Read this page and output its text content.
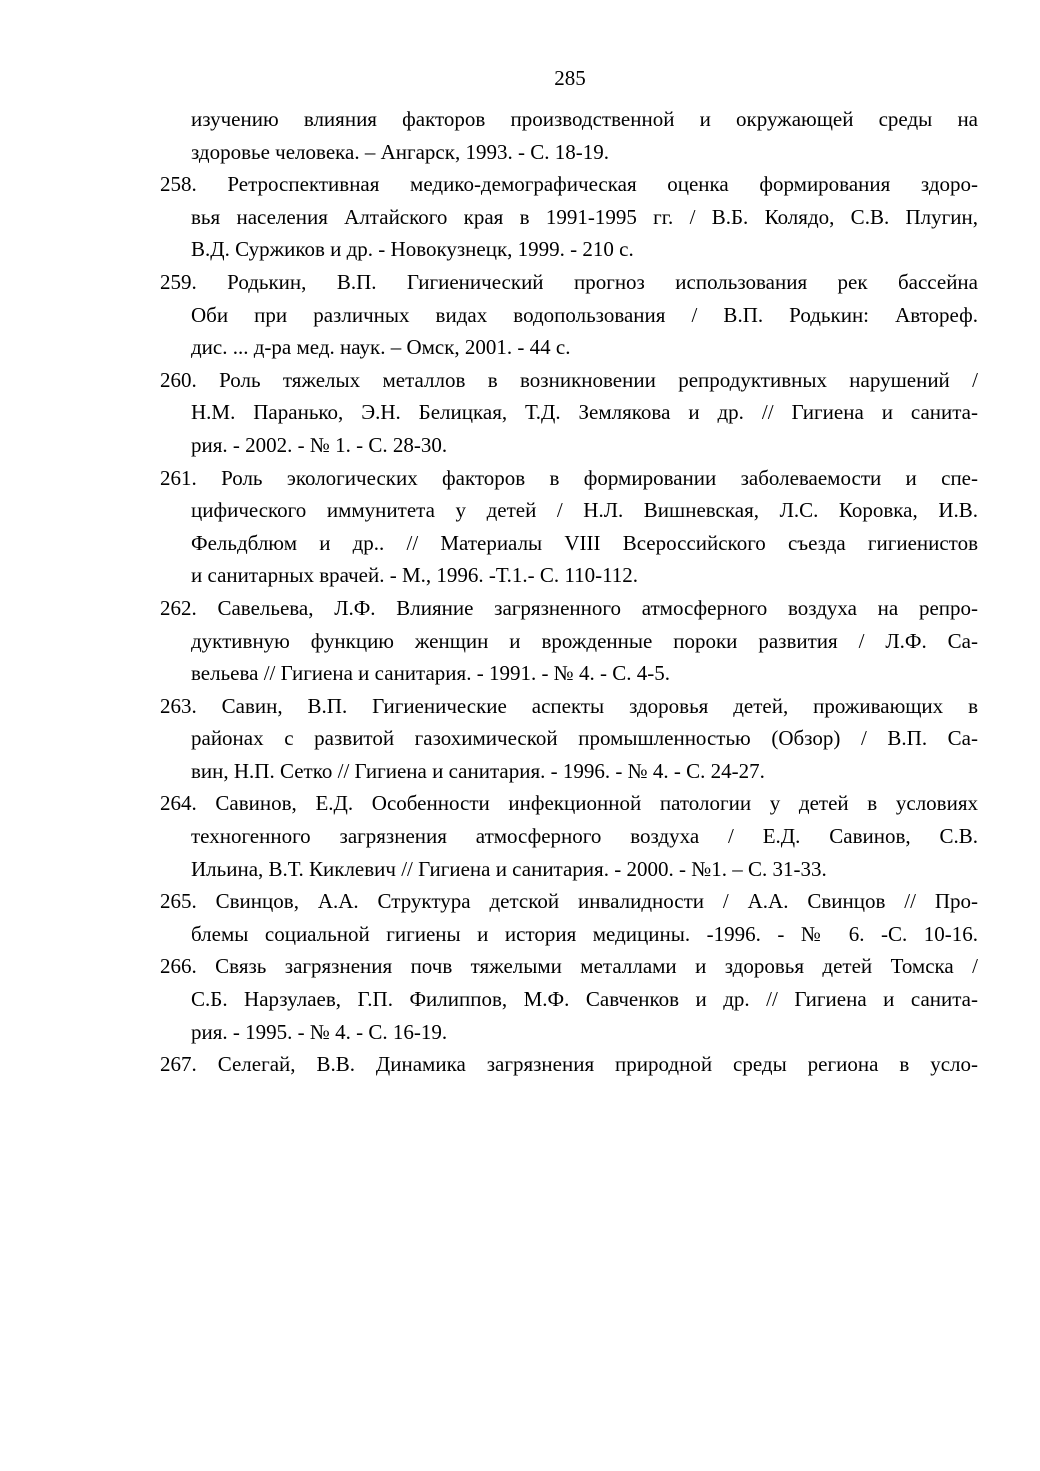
285
изучению влияния факторов производственной и окружающей среды на
здоровье человека. – Ангарск, 1993. - С. 18-19.
258. Ретроспективная медико-демографическая оценка формирования здоро-
вья населения Алтайского края в 1991-1995 гг. / В.Б. Колядо, С.В. Плугин,
В.Д. Суржиков и др. - Новокузнецк, 1999. - 210 с.
259. Родькин, В.П. Гигиенический прогноз использования рек бассейна
Оби при различных видах водопользования / В.П. Родькин: Автореф.
дис. ... д-ра мед. наук. – Омск, 2001. - 44 с.
260. Роль тяжелых металлов в возникновении репродуктивных нарушений /
Н.М. Паранько, Э.Н. Белицкая, Т.Д. Землякова и др. // Гигиена и санита-
рия. - 2002. - № 1. - С. 28-30.
261. Роль экологических факторов в формировании заболеваемости и спе-
цифического иммунитета у детей / Н.Л. Вишневская, Л.С. Коровка, И.В.
Фельдблюм и др.. // Материалы VIII Всероссийского съезда гигиенистов
и санитарных врачей. - М., 1996. -Т.1.- С. 110-112.
262. Савельева, Л.Ф. Влияние загрязненного атмосферного воздуха на репро-
дуктивную функцию женщин и врожденные пороки развития / Л.Ф. Са-
вельева // Гигиена и санитария. - 1991. - № 4. - С. 4-5.
263. Савин, В.П. Гигиенические аспекты здоровья детей, проживающих в
районах с развитой газохимической промышленностью (Обзор) / В.П. Са-
вин, Н.П. Сетко // Гигиена и санитария. - 1996. - № 4. - С. 24-27.
264. Савинов, Е.Д. Особенности инфекционной патологии у детей в условиях
техногенного загрязнения атмосферного воздуха / Е.Д. Савинов, С.В.
Ильина, В.Т. Киклевич // Гигиена и санитария. - 2000. - №1. – С. 31-33.
265. Свинцов, А.А. Структура детской инвалидности / А.А. Свинцов // Про-
блемы социальной гигиены и история медицины. -1996. - № 6. -С. 10-16.
266. Связь загрязнения почв тяжелыми металлами и здоровья детей Томска /
С.Б. Нарзулаев, Г.П. Филиппов, М.Ф. Савченков и др. // Гигиена и санита-
рия. - 1995. - № 4. - С. 16-19.
267. Селегай, В.В. Динамика загрязнения природной среды региона в усло-
